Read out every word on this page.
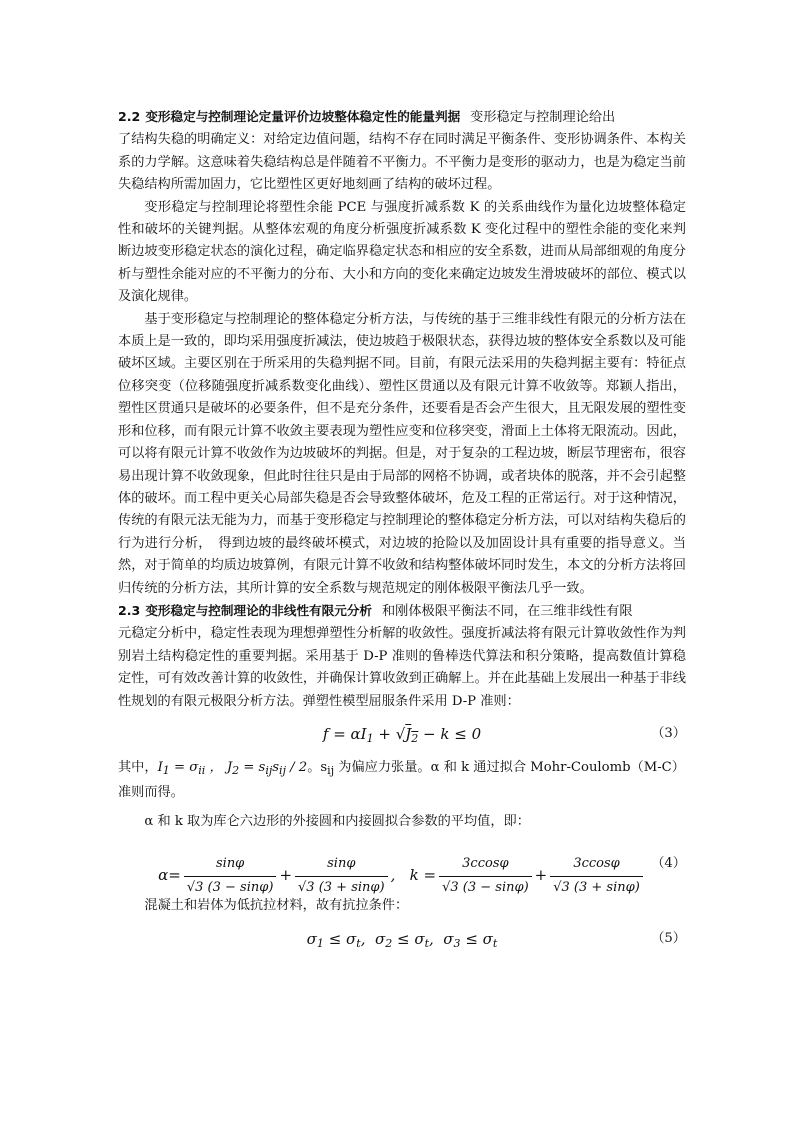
2.2 变形稳定与控制理论定量评价边坡整体稳定性的能量判据 变形稳定与控制理论给出

了结构失稳的明确定义：对给定边值问题，结构不存在同时满足平衡条件、变形协调条件、本构关系的力学解。这意味着失稳结构总是伴随着不平衡力。不平衡力是变形的驱动力，也是为稳定当前失稳结构所需加固力，它比塑性区更好地刻画了结构的破坏过程。

变形稳定与控制理论将塑性余能 PCE 与强度折减系数 K 的关系曲线作为量化边坡整体稳定性和破坏的关键判据。从整体宏观的角度分析强度折减系数 K 变化过程中的塑性余能的变化来判断边坡变形稳定状态的演化过程，确定临界稳定状态和相应的安全系数，进而从局部细观的角度分析与塑性余能对应的不平衡力的分布、大小和方向的变化来确定边坡发生滑坡破坏的部位、模式以及演化规律。

基于变形稳定与控制理论的整体稳定分析方法，与传统的基于三维非线性有限元的分析方法在本质上是一致的，即均采用强度折减法，使边坡趋于极限状态，获得边坡的整体安全系数以及可能破坏区域。主要区别在于所采用的失稳判据不同。目前，有限元法采用的失稳判据主要有：特征点位移突变（位移随强度折减系数变化曲线）、塑性区贯通以及有限元计算不收敛等。郑颖人指出，塑性区贯通只是破坏的必要条件，但不是充分条件，还要看是否会产生很大，且无限发展的塑性变形和位移，而有限元计算不收敛主要表现为塑性应变和位移突变，滑面上土体将无限流动。因此，可以将有限元计算不收敛作为边坡破坏的判据。但是，对于复杂的工程边坡，断层节理密布，很容易出现计算不收敛现象，但此时往往只是由于局部的网格不协调，或者块体的脱落，并不会引起整体的破坏。而工程中更关心局部失稳是否会导致整体破坏，危及工程的正常运行。对于这种情况，传统的有限元法无能为力，而基于变形稳定与控制理论的整体稳定分析方法，可以对结构失稳后的行为进行分析，　得到边坡的最终破坏模式，对边坡的抢险以及加固设计具有重要的指导意义。当然，对于简单的均质边坡算例，有限元计算不收敛和结构整体破坏同时发生，本文的分析方法将回归传统的分析方法，其所计算的安全系数与规范规定的刚体极限平衡法几乎一致。

2.3 变形稳定与控制理论的非线性有限元分析 和刚体极限平衡法不同，在三维非线性有限

元稳定分析中，稳定性表现为理想弹塑性分析解的收敛性。强度折减法将有限元计算收敛性作为判别岩土结构稳定性的重要判据。采用基于 D-P 准则的鲁棒迭代算法和积分策略，提高数值计算稳定性，可有效改善计算的收敛性，并确保计算收敛到正确解上。并在此基础上发展出一种基于非线性规划的有限元极限分析方法。弹塑性模型屈服条件采用 D-P 准则：

$f = \alpha I_1 + √J_2 - k \le 0$	（3）

其中，$I_1 = \sigma_{ii}$ ， $J_2 = s_{ij}s_{ij} / 2$。$s_{ij}$ 为偏应力张量。α 和 k 通过拟合 Mohr-Coulomb（M-C）

准则而得。

α 和 k 取为库仑六边形的外接圆和内接圆拟合参数的平均值，即：

$\alpha= \frac{\sin\varphi}{√3 (3 - \sin\varphi)} + \frac{\sin\varphi}{√3 (3 + \sin\varphi)}$ ,   $k = \frac{3ccos\varphi}{√3 (3 - \sin\varphi)} + \frac{3ccos\varphi}{√3 (3 + \sin\varphi)} (4)$

混凝土和岩体为低抗拉材料，故有抗拉条件：

$\sigma_1 \le \sigma_t$,  $\sigma_2 \le \sigma_t$,  $\sigma_3 \le \sigma_t$	（5）
